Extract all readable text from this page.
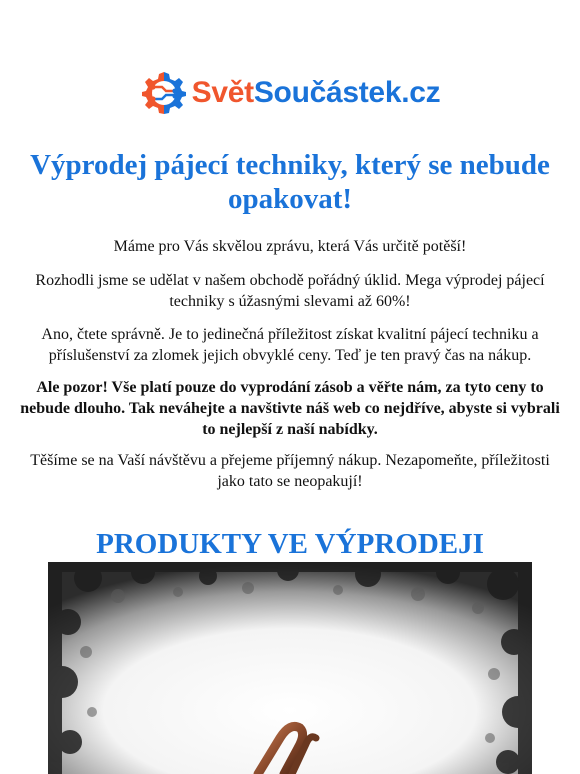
SvětSoučástek.cz
Výprodej pájecí techniky, který se nebude opakovat!

Máme pro Vás skvělou zprávu, která Vás určitě potěší!

Rozhodli jsme se udělat v našem obchodě pořádný úklid. Mega výprodej pájecí techniky s úžasnými slevami až 60%!

Ano, čtete správně. Je to jedinečná příležitost získat kvalitní pájecí techniku a příslušenství za zlomek jejich obvyklé ceny. Teď je ten pravý čas na nákup.

Ale pozor! Vše platí pouze do vyprodání zásob a věřte nám, za tyto ceny to nebude dlouho. Tak neváhejte a navštivte náš web co nejdříve, abyste si vybrali to nejlepší z naší nabídky.

Těšíme se na Vaší návštěvu a přejeme příjemný nákup. Nezapomeňte, příležitosti jako tato se neopakují!

PRODUKTY VE VÝPRODEJI
